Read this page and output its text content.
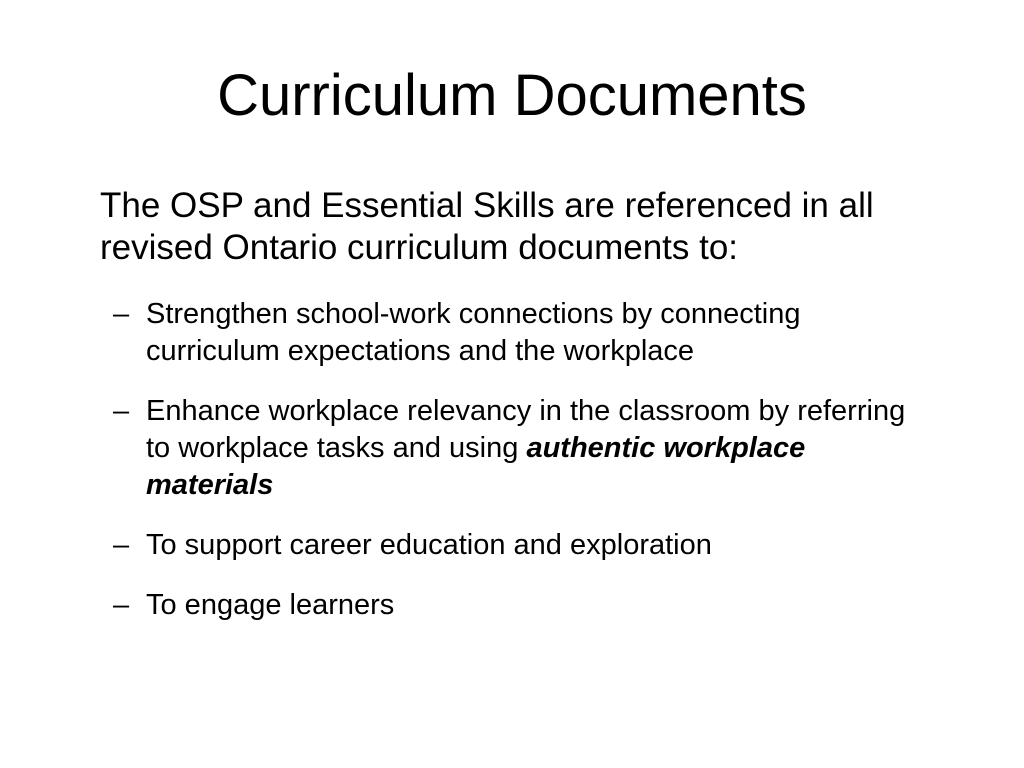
Curriculum Documents

The OSP and Essential Skills are referenced in all revised Ontario curriculum documents to:

– Strengthen school-work connections by connecting curriculum expectations and the workplace
– Enhance workplace relevancy in the classroom by referring to workplace tasks and using authentic workplace materials
– To support career education and exploration
– To engage learners
